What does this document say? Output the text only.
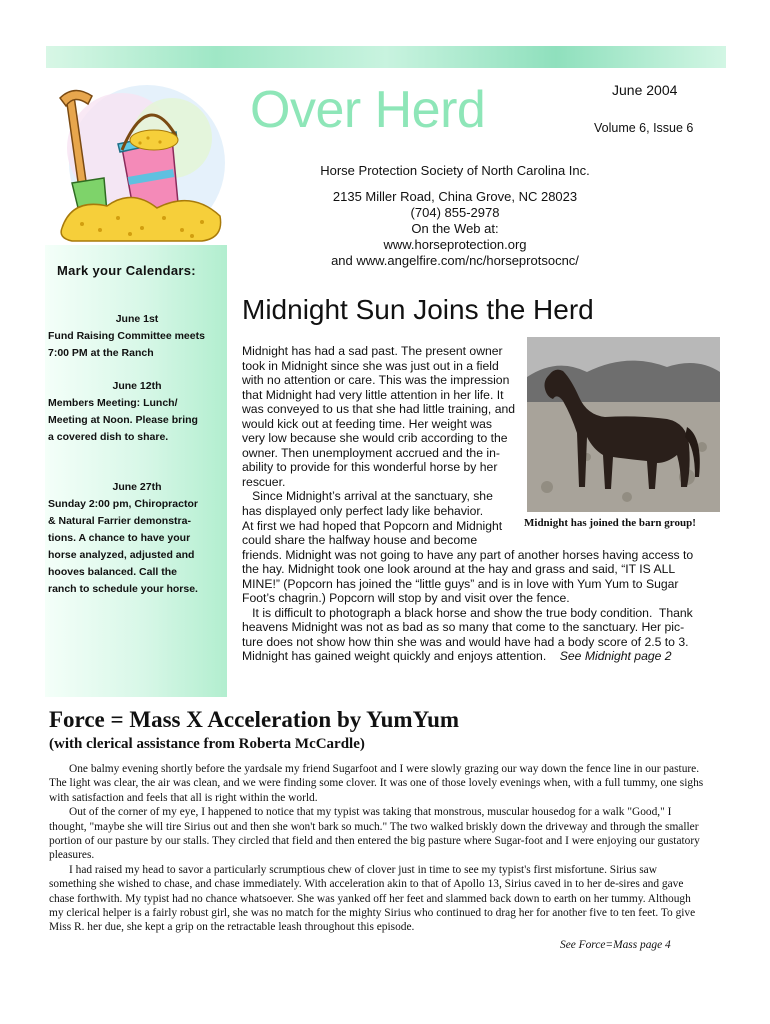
Over Herd	June 2004
Volume 6, Issue 6
Horse Protection Society of North Carolina Inc.
2135 Miller Road, China Grove, NC 28023
(704) 855-2978
On the Web at:
www.horseprotection.org
and www.angelfire.com/nc/horseprotsocnc/
Mark your Calendars:
June 1st
Fund Raising Committee meets
7:00 PM at the Ranch
June 12th
Members Meeting: Lunch/
Meeting at Noon. Please bring
a covered dish to share.
June 27th
Sunday 2:00 pm, Chiropractor
& Natural Farrier demonstra-
tions. A chance to have your
horse analyzed, adjusted and
hooves balanced. Call the
ranch to schedule your horse.
Midnight Sun Joins the Herd
Midnight has joined the barn group!
Midnight has had a sad past. The present owner
took in Midnight since she was just out in a field
with no attention or care. This was the impression
that Midnight had very little attention in her life. It
was conveyed to us that she had little training, and
would kick out at feeding time. Her weight was
very low because she would crib according to the
owner. Then unemployment accrued and the in-
ability to provide for this wonderful horse by her
rescuer.
Since Midnight’s arrival at the sanctuary, she
has displayed only perfect lady like behavior.
At first we had hoped that Popcorn and Midnight
could share the halfway house and become
friends. Midnight was not going to have any part of another horses having access to
the hay. Midnight took one look around at the hay and grass and said, “IT IS ALL
MINE!” (Popcorn has joined the “little guys” and is in love with Yum Yum to Sugar
Foot’s chagrin.) Popcorn will stop by and visit over the fence.
It is difficult to photograph a black horse and show the true body condition.  Thank
heavens Midnight was not as bad as so many that come to the sanctuary. Her pic-
ture does not show how thin she was and would have had a body score of 2.5 to 3.
Midnight has gained weight quickly and enjoys attention. See Midnight page 2
Force = Mass X Acceleration by YumYum
(with clerical assistance from Roberta McCardle)

One balmy evening shortly before the yardsale my friend Sugarfoot and I were slowly grazing our way down the fence line in our pasture. The light was clear, the air was clean, and we were finding some clover. It was one of those lovely evenings when, with a full tummy, one sighs with satisfaction and feels that all is right within the world.

Out of the corner of my eye, I happened to notice that my typist was taking that monstrous, muscular housedog for a walk "Good," I thought, "maybe she will tire Sirius out and then she won't bark so much." The two walked briskly down the driveway and through the smaller portion of our pasture by our stalls. They circled that field and then entered the big pasture where Sugar-foot and I were enjoying our gustatory pleasures.

I had raised my head to savor a particularly scrumptious chew of clover just in time to see my typist's first misfortune. Sirius saw something she wished to chase, and chase immediately. With acceleration akin to that of Apollo 13, Sirius caved in to her de-sires and gave chase forthwith. My typist had no chance whatsoever. She was yanked off her feet and slammed back down to earth on her tummy. Although my clerical helper is a fairly robust girl, she was no match for the mighty Sirius who continued to drag her for another five to ten feet. To give Miss R. her due, she kept a grip on the retractable leash throughout this episode.

See Force=Mass page 4
